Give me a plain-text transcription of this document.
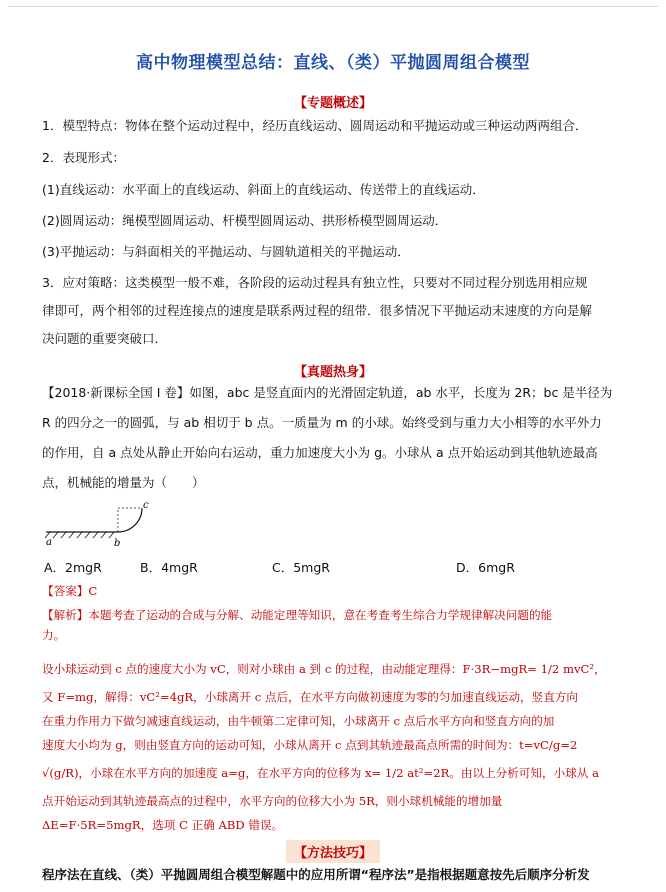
高中物理模型总结：直线、（类）平抛圆周组合模型
【专题概述】
1．模型特点：物体在整个运动过程中，经历直线运动、圆周运动和平抛运动或三种运动两两组合．
2．表现形式：
(1)直线运动：水平面上的直线运动、斜面上的直线运动、传送带上的直线运动．
(2)圆周运动：绳模型圆周运动、杆模型圆周运动、拱形桥模型圆周运动．
(3)平抛运动：与斜面相关的平抛运动、与圆轨道相关的平抛运动．
3．应对策略：这类模型一般不难，各阶段的运动过程具有独立性，只要对不同过程分别选用相应规
律即可，两个相邻的过程连接点的速度是联系两过程的纽带．很多情况下平抛运动末速度的方向是解
决问题的重要突破口．
【真题热身】
【2018·新课标全国 I 卷】如图，abc 是竖直面内的光滑固定轨道，ab 水平，长度为 2R；bc 是半径为
R 的四分之一的圆弧，与 ab 相切于 b 点。一质量为 m 的小球。始终受到与重力大小相等的水平外力
的作用，自 a 点处从静止开始向右运动，重力加速度大小为 g。小球从 a 点开始运动到其他轨迹最高
点，机械能的增量为（　　）
a	b
c
A．2mgR	B．4mgR	C．5mgR	D．6mgR
【答案】C
【解析】本题考查了运动的合成与分解、动能定理等知识，意在考查考生综合力学规律解决问题的能
力。
设小球运动到 c 点的速度大小为 vC，则对小球由 a 到 c 的过程，由动能定理得：F·3R−mgR= 1/2 mvC²，
又 F=mg，解得：vC²=4gR，小球离开 c 点后，在水平方向做初速度为零的匀加速直线运动，竖直方向
在重力作用力下做匀减速直线运动，由牛顿第二定律可知，小球离开 c 点后水平方向和竖直方向的加
速度大小均为 g，则由竖直方向的运动可知，小球从离开 c 点到其轨迹最高点所需的时间为：t=vC/g=2
√(g/R)，小球在水平方向的加速度 a=g，在水平方向的位移为 x= 1/2 at²=2R。由以上分析可知，小球从 a
点开始运动到其轨迹最高点的过程中，水平方向的位移大小为 5R，则小球机械能的增加量
ΔE=F·5R=5mgR，选项 C 正确 ABD 错误。
【方法技巧】
程序法在直线、（类）平抛圆周组合模型解题中的应用所谓“程序法”是指根据题意按先后顺序分析发
